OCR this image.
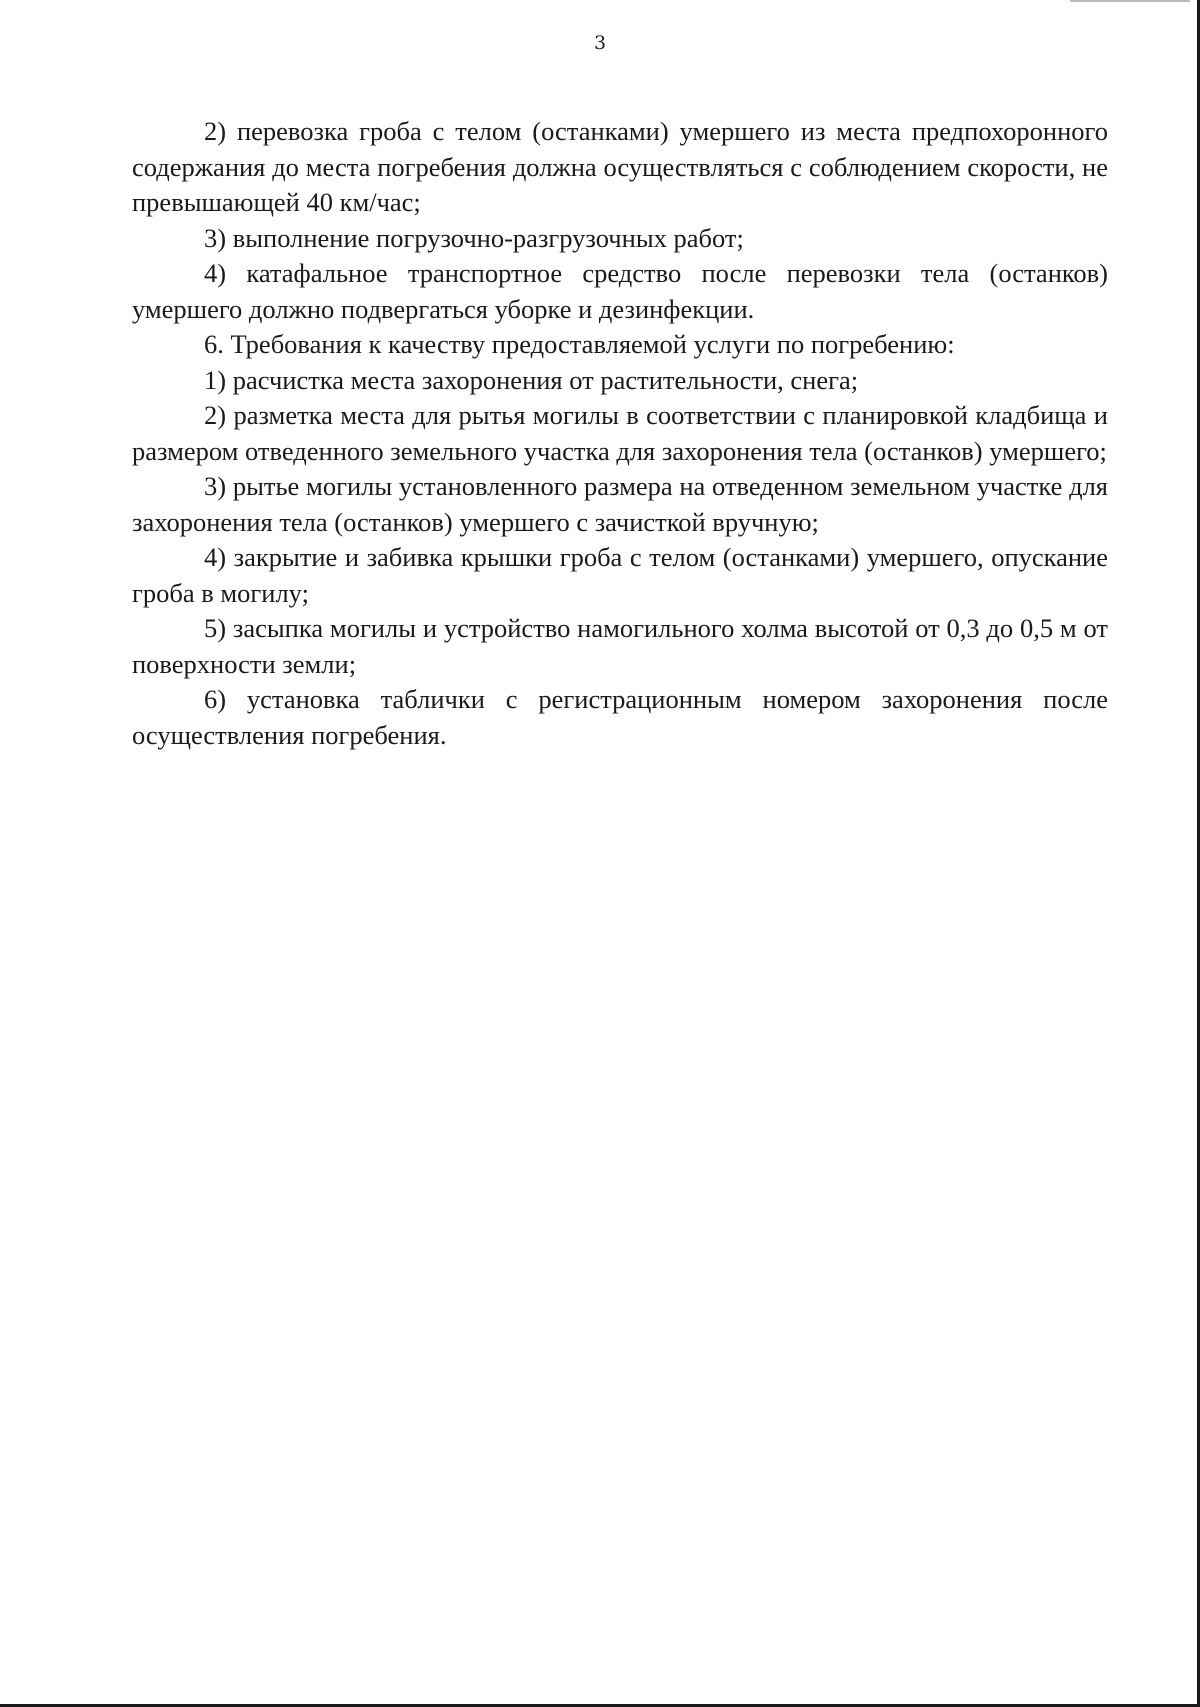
3

2) перевозка гроба с телом (останками) умершего из места предпохоронного содержания до места погребения должна осуществляться с соблюдением скорости, не превышающей 40 км/час;

3) выполнение погрузочно-разгрузочных работ;

4) катафальное транспортное средство после перевозки тела (останков) умершего должно подвергаться уборке и дезинфекции.

6. Требования к качеству предоставляемой услуги по погребению:

1) расчистка места захоронения от растительности, снега;

2) разметка места для рытья могилы в соответствии с планировкой кладбища и размером отведенного земельного участка для захоронения тела (останков) умершего;

3) рытье могилы установленного размера на отведенном земельном участке для захоронения тела (останков) умершего с зачисткой вручную;

4) закрытие и забивка крышки гроба с телом (останками) умершего, опускание гроба в могилу;

5) засыпка могилы и устройство намогильного холма высотой от 0,3 до 0,5 м от поверхности земли;

6) установка таблички с регистрационным номером захоронения после осуществления погребения.
